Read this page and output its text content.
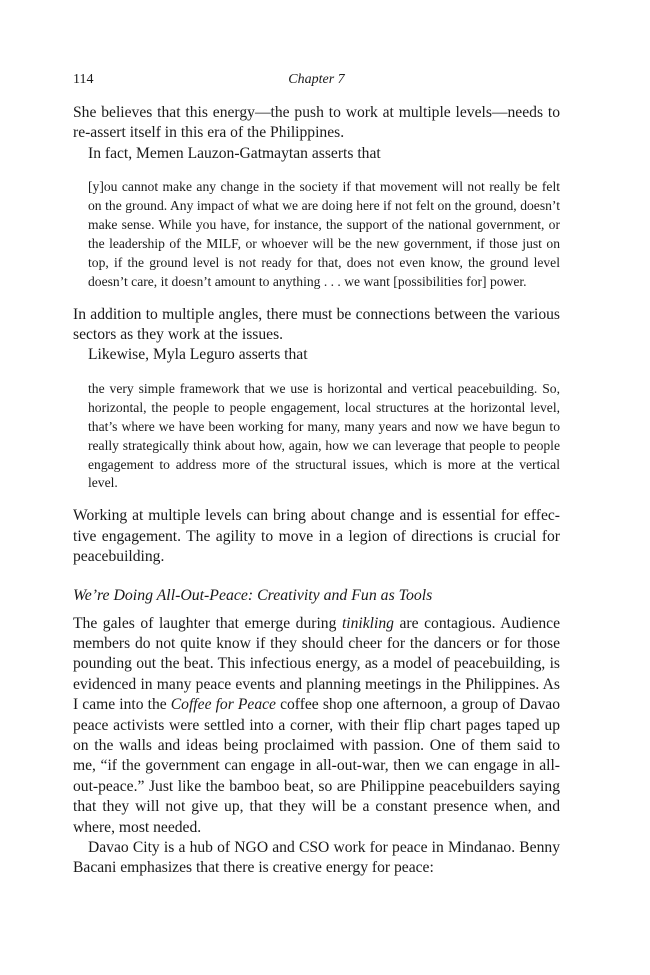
114	Chapter 7

She believes that this energy—the push to work at multiple levels—needs to re-assert itself in this era of the Philippines.

In fact, Memen Lauzon-Gatmaytan asserts that

[y]ou cannot make any change in the society if that movement will not really be felt on the ground. Any impact of what we are doing here if not felt on the ground, doesn’t make sense. While you have, for instance, the support of the national government, or the leadership of the MILF, or whoever will be the new government, if those just on top, if the ground level is not ready for that, does not even know, the ground level doesn’t care, it doesn’t amount to anything . . . we want [possibilities for] power.

In addition to multiple angles, there must be connections between the various sectors as they work at the issues.

Likewise, Myla Leguro asserts that

the very simple framework that we use is horizontal and vertical peacebuilding. So, horizontal, the people to people engagement, local structures at the horizontal level, that’s where we have been working for many, many years and now we have begun to really strategically think about how, again, how we can leverage that people to people engagement to address more of the structural issues, which is more at the vertical level.

Working at multiple levels can bring about change and is essential for effective engagement. The agility to move in a legion of directions is crucial for peacebuilding.

We’re Doing All-Out-Peace: Creativity and Fun as Tools

The gales of laughter that emerge during tinikling are contagious. Audience members do not quite know if they should cheer for the dancers or for those pounding out the beat. This infectious energy, as a model of peacebuilding, is evidenced in many peace events and planning meetings in the Philippines. As I came into the Coffee for Peace coffee shop one afternoon, a group of Davao peace activists were settled into a corner, with their flip chart pages taped up on the walls and ideas being proclaimed with passion. One of them said to me, “if the government can engage in all-out-war, then we can engage in all-out-peace.” Just like the bamboo beat, so are Philippine peacebuilders saying that they will not give up, that they will be a constant presence when, and where, most needed.

Davao City is a hub of NGO and CSO work for peace in Mindanao. Benny Bacani emphasizes that there is creative energy for peace:
